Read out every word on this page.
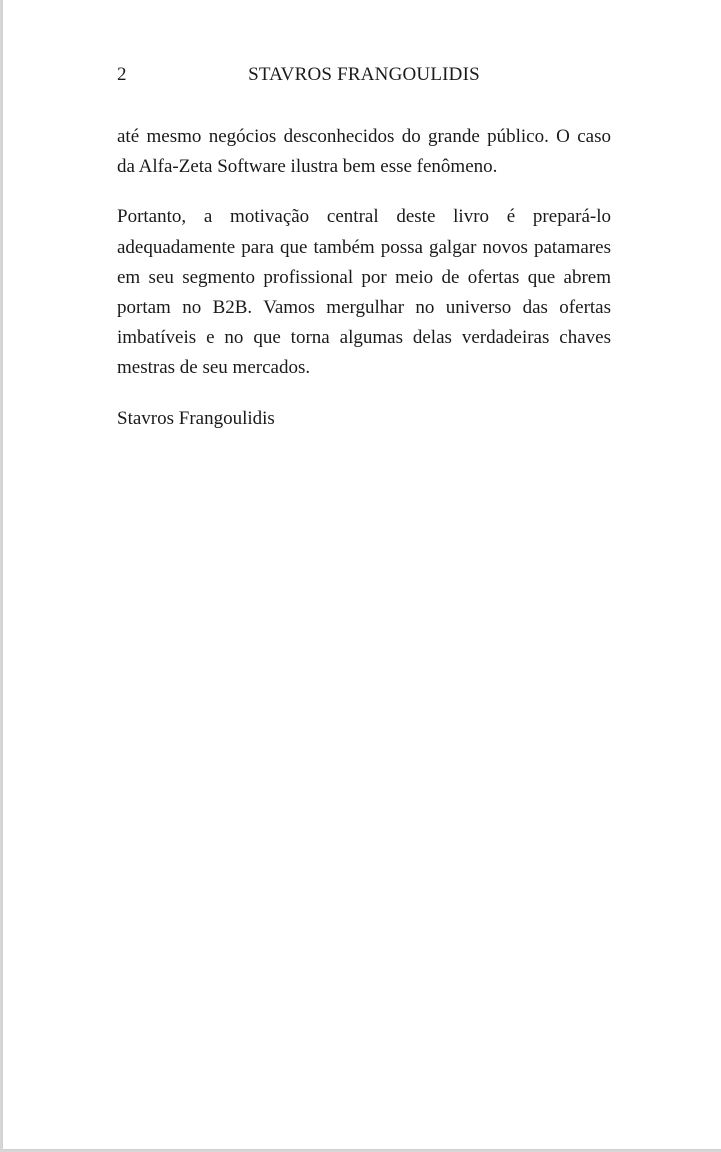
2	STAVROS FRANGOULIDIS

até mesmo negócios desconhecidos do grande público. O caso da Alfa-Zeta Software ilustra bem esse fenômeno.

Portanto, a motivação central deste livro é prepará-lo adequadamente para que também possa galgar novos patamares em seu segmento profissional por meio de ofertas que abrem portam no B2B. Vamos mergulhar no universo das ofertas imbatíveis e no que torna algumas delas verdadeiras chaves mestras de seu mercados.

Stavros Frangoulidis
